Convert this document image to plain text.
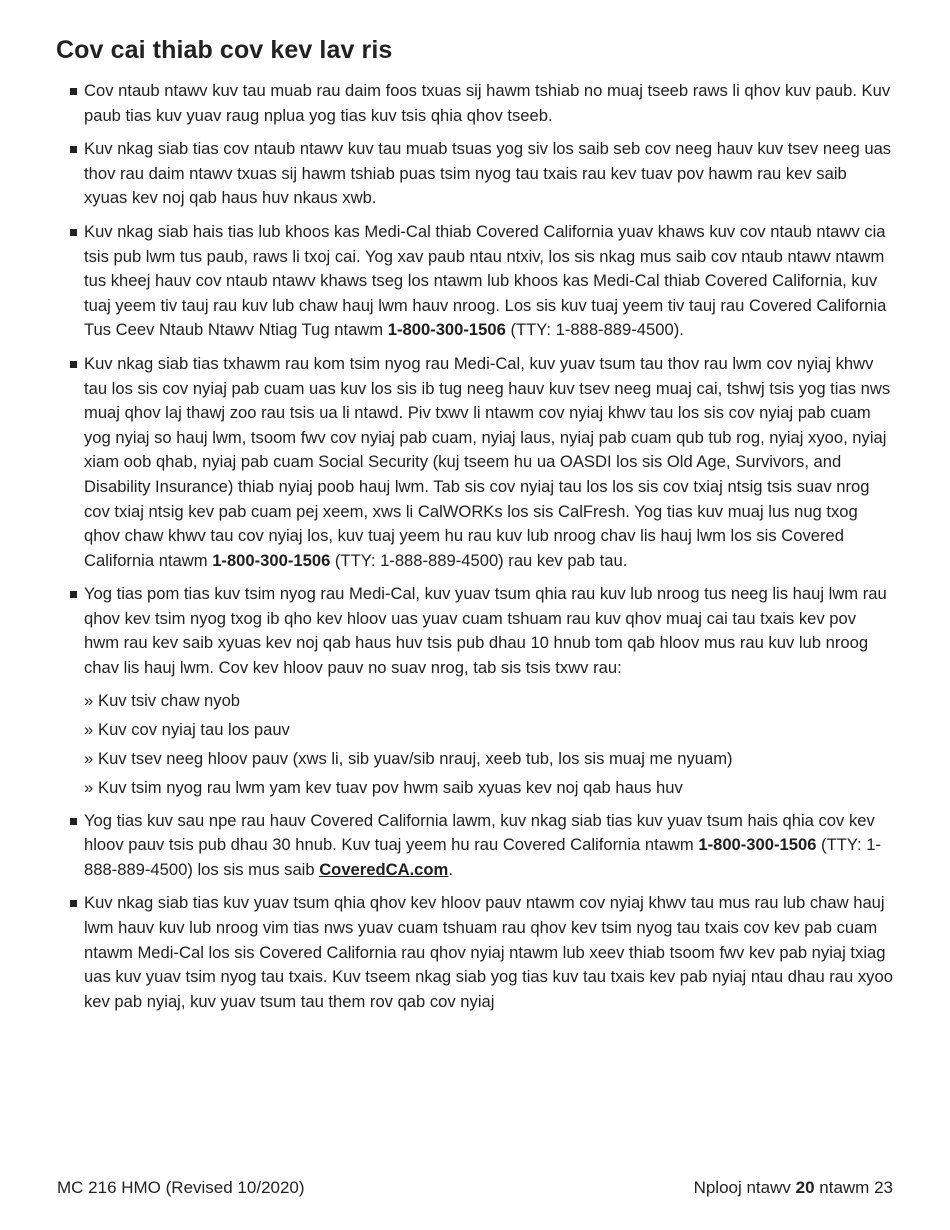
Cov cai thiab cov kev lav ris
Cov ntaub ntawv kuv tau muab rau daim foos txuas sij hawm tshiab no muaj tseeb raws li qhov kuv paub. Kuv paub tias kuv yuav raug nplua yog tias kuv tsis qhia qhov tseeb.
Kuv nkag siab tias cov ntaub ntawv kuv tau muab tsuas yog siv los saib seb cov neeg hauv kuv tsev neeg uas thov rau daim ntawv txuas sij hawm tshiab puas tsim nyog tau txais rau kev tuav pov hawm rau kev saib xyuas kev noj qab haus huv nkaus xwb.
Kuv nkag siab hais tias lub khoos kas Medi-Cal thiab Covered California yuav khaws kuv cov ntaub ntawv cia tsis pub lwm tus paub, raws li txoj cai. Yog xav paub ntau ntxiv, los sis nkag mus saib cov ntaub ntawv ntawm tus kheej hauv cov ntaub ntawv khaws tseg los ntawm lub khoos kas Medi-Cal thiab Covered California, kuv tuaj yeem tiv tauj rau kuv lub chaw hauj lwm hauv nroog. Los sis kuv tuaj yeem tiv tauj rau Covered California Tus Ceev Ntaub Ntawv Ntiag Tug ntawm 1-800-300-1506 (TTY: 1-888-889-4500).
Kuv nkag siab tias txhawm rau kom tsim nyog rau Medi-Cal, kuv yuav tsum tau thov rau lwm cov nyiaj khwv tau los sis cov nyiaj pab cuam uas kuv los sis ib tug neeg hauv kuv tsev neeg muaj cai, tshwj tsis yog tias nws muaj qhov laj thawj zoo rau tsis ua li ntawd. Piv txwv li ntawm cov nyiaj khwv tau los sis cov nyiaj pab cuam yog nyiaj so hauj lwm, tsoom fwv cov nyiaj pab cuam, nyiaj laus, nyiaj pab cuam qub tub rog, nyiaj xyoo, nyiaj xiam oob qhab, nyiaj pab cuam Social Security (kuj tseem hu ua OASDI los sis Old Age, Survivors, and Disability Insurance) thiab nyiaj poob hauj lwm. Tab sis cov nyiaj tau los los sis cov txiaj ntsig tsis suav nrog cov txiaj ntsig kev pab cuam pej xeem, xws li CalWORKs los sis CalFresh. Yog tias kuv muaj lus nug txog qhov chaw khwv tau cov nyiaj los, kuv tuaj yeem hu rau kuv lub nroog chav lis hauj lwm los sis Covered California ntawm 1-800-300-1506 (TTY: 1-888-889-4500) rau kev pab tau.
Yog tias pom tias kuv tsim nyog rau Medi-Cal, kuv yuav tsum qhia rau kuv lub nroog tus neeg lis hauj lwm rau qhov kev tsim nyog txog ib qho kev hloov uas yuav cuam tshuam rau kuv qhov muaj cai tau txais kev pov hwm rau kev saib xyuas kev noj qab haus huv tsis pub dhau 10 hnub tom qab hloov mus rau kuv lub nroog chav lis hauj lwm. Cov kev hloov pauv no suav nrog, tab sis tsis txwv rau:
» Kuv tsiv chaw nyob
» Kuv cov nyiaj tau los pauv
» Kuv tsev neeg hloov pauv (xws li, sib yuav/sib nrauj, xeeb tub, los sis muaj me nyuam)
» Kuv tsim nyog rau lwm yam kev tuav pov hwm saib xyuas kev noj qab haus huv
Yog tias kuv sau npe rau hauv Covered California lawm, kuv nkag siab tias kuv yuav tsum hais qhia cov kev hloov pauv tsis pub dhau 30 hnub. Kuv tuaj yeem hu rau Covered California ntawm 1-800-300-1506 (TTY: 1-888-889-4500) los sis mus saib CoveredCA.com.
Kuv nkag siab tias kuv yuav tsum qhia qhov kev hloov pauv ntawm cov nyiaj khwv tau mus rau lub chaw hauj lwm hauv kuv lub nroog vim tias nws yuav cuam tshuam rau qhov kev tsim nyog tau txais cov kev pab cuam ntawm Medi-Cal los sis Covered California rau qhov nyiaj ntawm lub xeev thiab tsoom fwv kev pab nyiaj txiag uas kuv yuav tsim nyog tau txais. Kuv tseem nkag siab yog tias kuv tau txais kev pab nyiaj ntau dhau rau xyoo kev pab nyiaj, kuv yuav tsum tau them rov qab cov nyiaj
MC 216 HMO (Revised 10/2020)	Nplooj ntawv 20 ntawm 23
